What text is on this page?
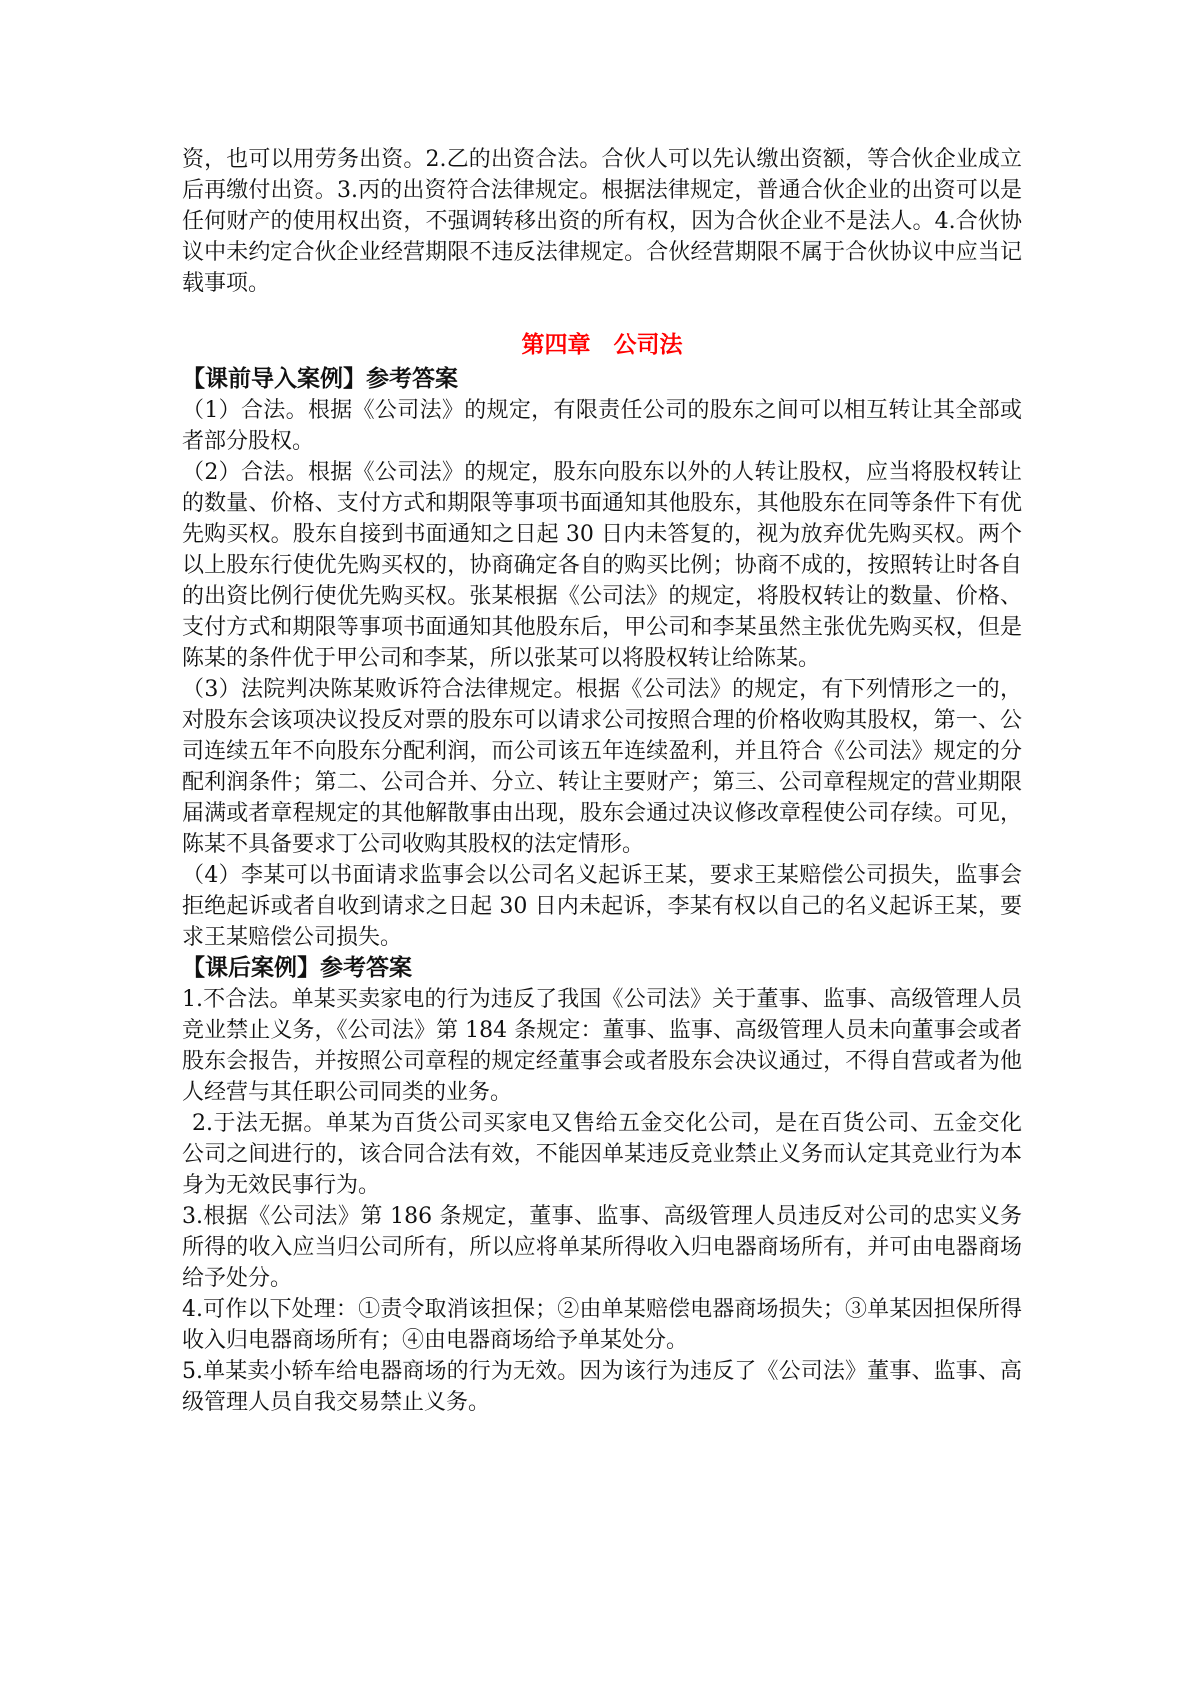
资，也可以用劳务出资。2.乙的出资合法。合伙人可以先认缴出资额，等合伙企业成立后再缴付出资。3.丙的出资符合法律规定。根据法律规定，普通合伙企业的出资可以是任何财产的使用权出资，不强调转移出资的所有权，因为合伙企业不是法人。4.合伙协议中未约定合伙企业经营期限不违反法律规定。合伙经营期限不属于合伙协议中应当记载事项。

第四章　公司法

【课前导入案例】参考答案

（1）合法。根据《公司法》的规定，有限责任公司的股东之间可以相互转让其全部或者部分股权。

（2）合法。根据《公司法》的规定，股东向股东以外的人转让股权，应当将股权转让的数量、价格、支付方式和期限等事项书面通知其他股东，其他股东在同等条件下有优先购买权。股东自接到书面通知之日起 30 日内未答复的，视为放弃优先购买权。两个以上股东行使优先购买权的，协商确定各自的购买比例；协商不成的，按照转让时各自的出资比例行使优先购买权。张某根据《公司法》的规定，将股权转让的数量、价格、支付方式和期限等事项书面通知其他股东后，甲公司和李某虽然主张优先购买权，但是陈某的条件优于甲公司和李某，所以张某可以将股权转让给陈某。

（3）法院判决陈某败诉符合法律规定。根据《公司法》的规定，有下列情形之一的，对股东会该项决议投反对票的股东可以请求公司按照合理的价格收购其股权，第一、公司连续五年不向股东分配利润，而公司该五年连续盈利，并且符合《公司法》规定的分配利润条件；第二、公司合并、分立、转让主要财产；第三、公司章程规定的营业期限届满或者章程规定的其他解散事由出现，股东会通过决议修改章程使公司存续。可见，陈某不具备要求丁公司收购其股权的法定情形。

（4）李某可以书面请求监事会以公司名义起诉王某，要求王某赔偿公司损失，监事会拒绝起诉或者自收到请求之日起 30 日内未起诉，李某有权以自己的名义起诉王某，要求王某赔偿公司损失。

【课后案例】参考答案

1.不合法。单某买卖家电的行为违反了我国《公司法》关于董事、监事、高级管理人员竞业禁止义务，《公司法》第 184 条规定：董事、监事、高级管理人员未向董事会或者股东会报告，并按照公司章程的规定经董事会或者股东会决议通过，不得自营或者为他人经营与其任职公司同类的业务。

2.于法无据。单某为百货公司买家电又售给五金交化公司，是在百货公司、五金交化公司之间进行的，该合同合法有效，不能因单某违反竞业禁止义务而认定其竞业行为本身为无效民事行为。

3.根据《公司法》第 186 条规定，董事、监事、高级管理人员违反对公司的忠实义务所得的收入应当归公司所有，所以应将单某所得收入归电器商场所有，并可由电器商场给予处分。

4.可作以下处理：①责令取消该担保；②由单某赔偿电器商场损失；③单某因担保所得收入归电器商场所有；④由电器商场给予单某处分。

5.单某卖小轿车给电器商场的行为无效。因为该行为违反了《公司法》董事、监事、高级管理人员自我交易禁止义务。
